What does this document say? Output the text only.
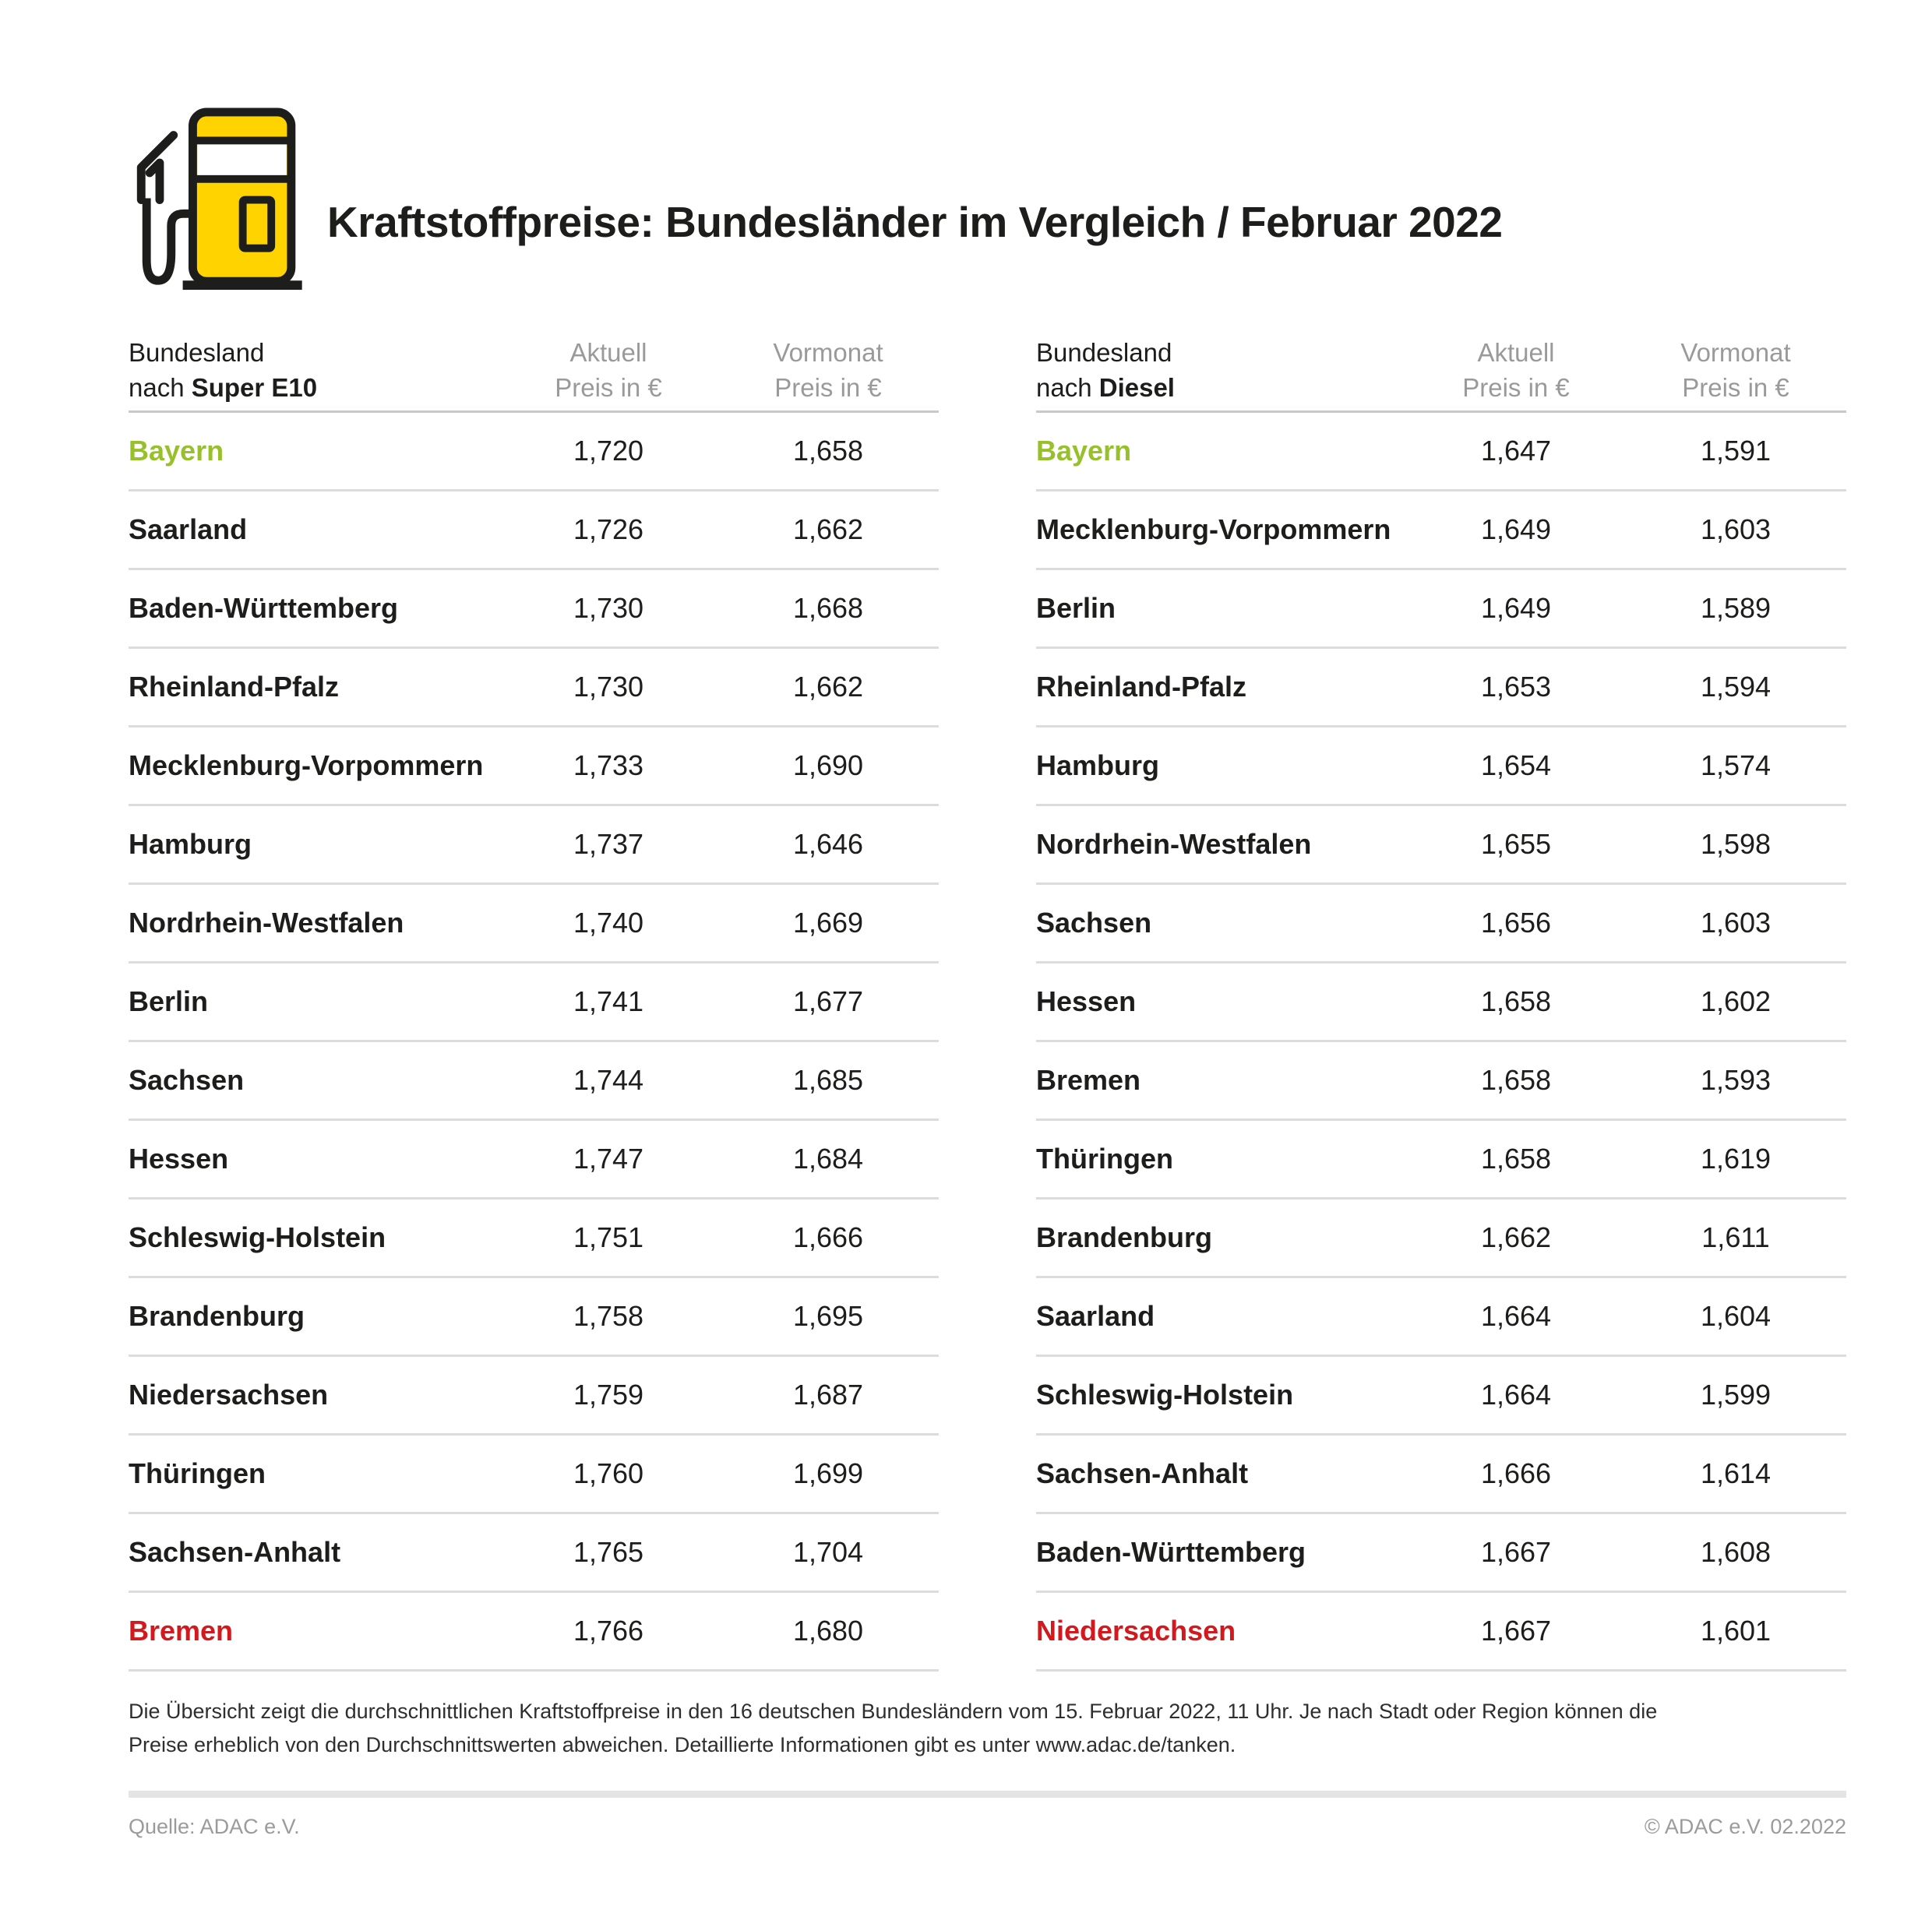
Kraftstoffpreise: Bundesländer im Vergleich / Februar 2022
Bundesland
nach Super E10
Aktuell
Preis in €
Vormonat
Preis in €
Bayern	1,720	1,658
Saarland	1,726	1,662
Baden-Württemberg	1,730	1,668
Rheinland-Pfalz	1,730	1,662
Mecklenburg-Vorpommern	1,733	1,690
Hamburg	1,737	1,646
Nordrhein-Westfalen	1,740	1,669
Berlin	1,741	1,677
Sachsen	1,744	1,685
Hessen	1,747	1,684
Schleswig-Holstein	1,751	1,666
Brandenburg	1,758	1,695
Niedersachsen	1,759	1,687
Thüringen	1,760	1,699
Sachsen-Anhalt	1,765	1,704
Bremen	1,766	1,680
Bundesland
nach Diesel
Aktuell
Preis in €
Vormonat
Preis in €
Bayern	1,647	1,591
Mecklenburg-Vorpommern	1,649	1,603
Berlin	1,649	1,589
Rheinland-Pfalz	1,653	1,594
Hamburg	1,654	1,574
Nordrhein-Westfalen	1,655	1,598
Sachsen	1,656	1,603
Hessen	1,658	1,602
Bremen	1,658	1,593
Thüringen	1,658	1,619
Brandenburg	1,662	1,611
Saarland	1,664	1,604
Schleswig-Holstein	1,664	1,599
Sachsen-Anhalt	1,666	1,614
Baden-Württemberg	1,667	1,608
Niedersachsen	1,667	1,601
Die Übersicht zeigt die durchschnittlichen Kraftstoffpreise in den 16 deutschen Bundesländern vom 15. Februar 2022, 11 Uhr. Je nach Stadt oder Region können die
Preise erheblich von den Durchschnittswerten abweichen. Detaillierte Informationen gibt es unter www.adac.de/tanken.
Quelle: ADAC e.V.	© ADAC e.V. 02.2022
